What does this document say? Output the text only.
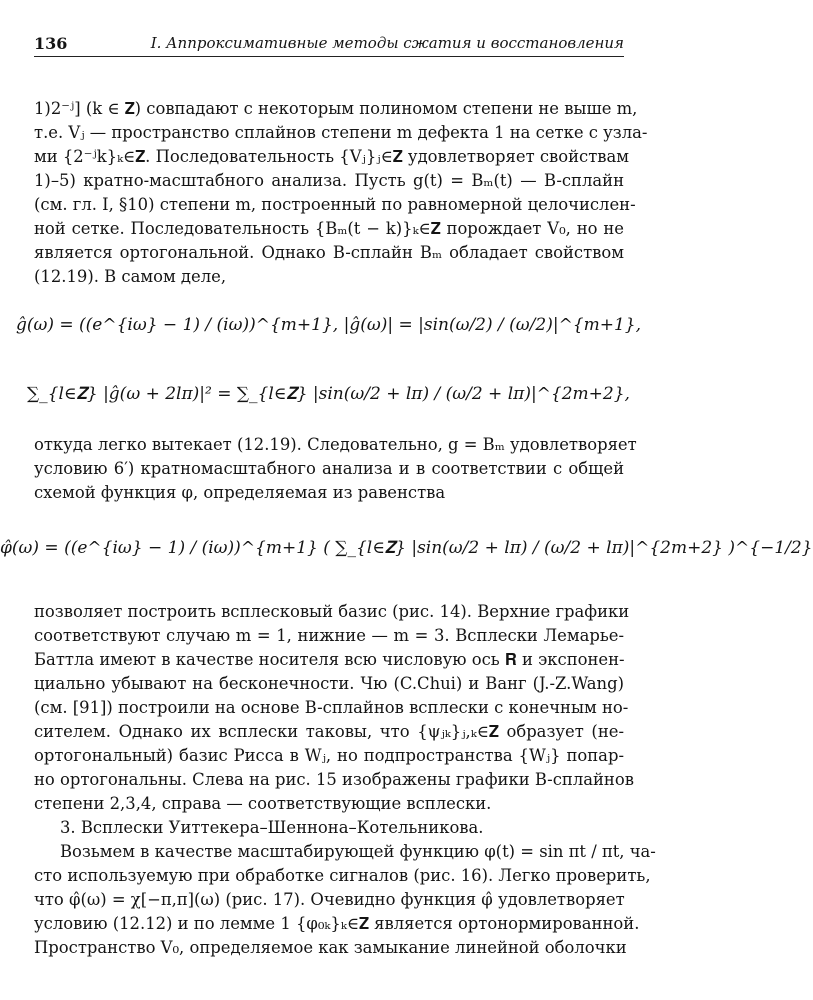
136	I. Аппроксимативные методы сжатия и восстановления
1)2⁻ʲ] (k ∈ 𝐙) совпадают с некоторым полиномом степени не выше m,
т.е. Vⱼ — пространство сплайнов степени m дефекта 1 на сетке с узла-
ми {2⁻ʲk}ₖ∈𝐙. Последовательность {Vⱼ}ⱼ∈𝐙 удовлетворяет свойствам
1)–5) кратно-масштабного анализа. Пусть g(t) = Bₘ(t) — B-сплайн
(см. гл. I, §10) степени m, построенный по равномерной целочислен-
ной сетке. Последовательность {Bₘ(t − k)}ₖ∈𝐙 порождает V₀, но не
является ортогональной. Однако B-сплайн Bₘ обладает свойством
(12.19). В самом деле,
ĝ(ω) = ((e^{iω} − 1) / (iω))^{m+1}, |ĝ(ω)| = |sin(ω/2) / (ω/2)|^{m+1},
∑_{l∈𝐙} |ĝ(ω + 2lπ)|² = ∑_{l∈𝐙} |sin(ω/2 + lπ) / (ω/2 + lπ)|^{2m+2},
откуда легко вытекает (12.19). Следовательно, g = Bₘ удовлетворяет
условию 6′) кратномасштабного анализа и в соответствии с общей
схемой функция φ, определяемая из равенства
φ̂(ω) = ((e^{iω} − 1) / (iω))^{m+1} ( ∑_{l∈𝐙} |sin(ω/2 + lπ) / (ω/2 + lπ)|^{2m+2} )^{−1/2}
позволяет построить всплесковый базис (рис. 14). Верхние графики
соответствуют случаю m = 1, нижние — m = 3. Всплески Лемарье-
Баттла имеют в качестве носителя всю числовую ось 𝐑 и экспонен-
циально убывают на бесконечности. Чю (C.Chui) и Ванг (J.-Z.Wang)
(см. [91]) построили на основе B-сплайнов всплески с конечным но-
сителем. Однако их всплески таковы, что {ψⱼₖ}ⱼ,ₖ∈𝐙 образует (не-
ортогональный) базис Рисса в Wⱼ, но подпространства {Wⱼ} попар-
но ортогональны. Слева на рис. 15 изображены графики B-сплайнов
степени 2,3,4, справа — соответствующие всплески.
3. Всплески Уиттекера–Шеннона–Котельникова.
Возьмем в качестве масштабирующей функцию φ(t) = sin πt / πt, ча-
сто используемую при обработке сигналов (рис. 16). Легко проверить,
что φ̂(ω) = χ[−π,π](ω) (рис. 17). Очевидно функция φ̂ удовлетворяет
условию (12.12) и по лемме 1 {φ₀ₖ}ₖ∈𝐙 является ортонормированной.
Пространство V₀, определяемое как замыкание линейной оболочки
